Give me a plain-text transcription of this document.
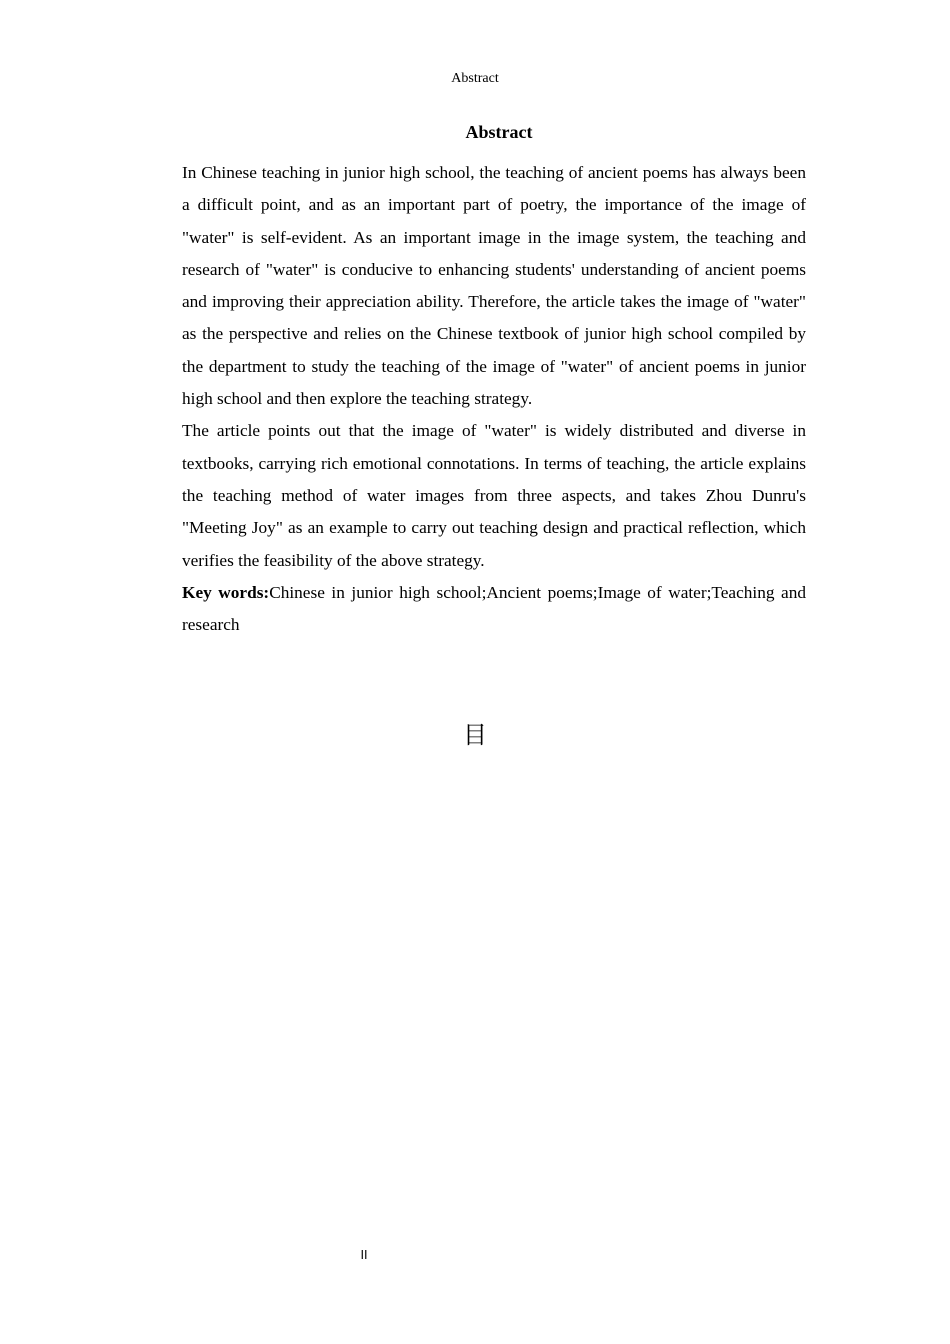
Abstract
Abstract

In Chinese teaching in junior high school, the teaching of ancient poems has always been a difficult point, and as an important part of poetry, the importance of the image of "water" is self-evident. As an important image in the image system, the teaching and research of "water" is conducive to enhancing students' understanding of ancient poems and improving their appreciation ability. Therefore, the article takes the image of "water" as the perspective and relies on the Chinese textbook of junior high school compiled by the department to study the teaching of the image of "water" of ancient poems in junior high school and then explore the teaching strategy.

The article points out that the image of "water" is widely distributed and diverse in textbooks, carrying rich emotional connotations. In terms of teaching, the article explains the teaching method of water images from three aspects, and takes Zhou Dunru's "Meeting Joy" as an example to carry out teaching design and practical reflection, which verifies the feasibility of the above strategy.

Key words:Chinese in junior high school;Ancient poems;Image of water;Teaching and research

目
II
